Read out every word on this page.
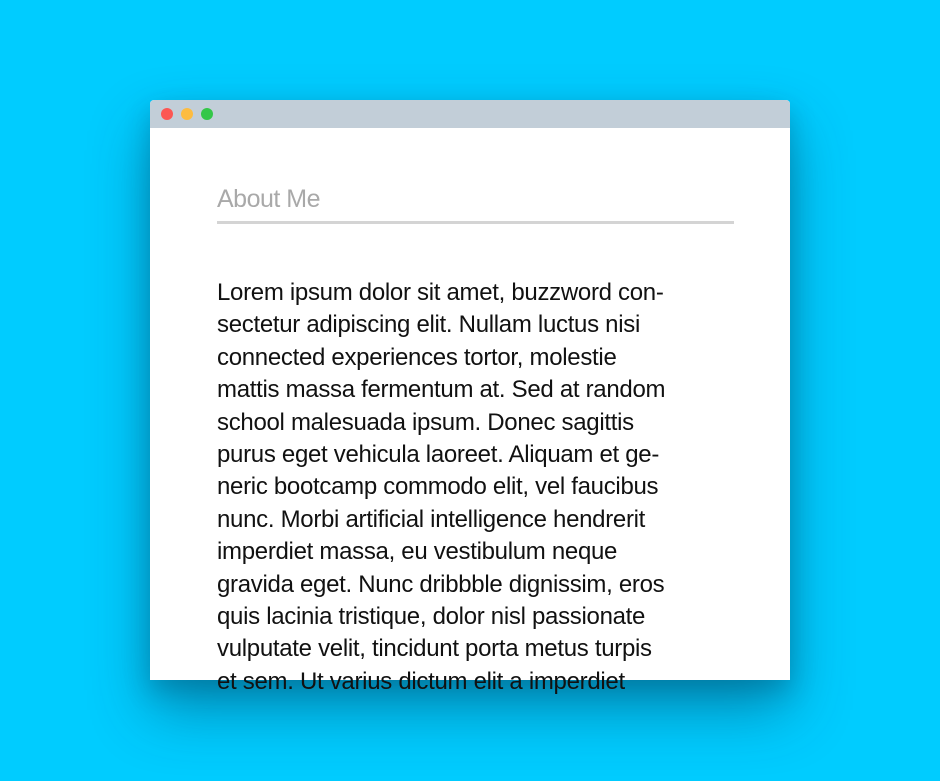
About Me

Lorem ipsum dolor sit amet, buzzword con-
sectetur adipiscing elit. Nullam luctus nisi
connected experiences tortor, molestie
mattis massa fermentum at. Sed at random
school malesuada ipsum. Donec sagittis
purus eget vehicula laoreet. Aliquam et ge-
neric bootcamp commodo elit, vel faucibus
nunc. Morbi artificial intelligence hendrerit
imperdiet massa, eu vestibulum neque
gravida eget. Nunc dribbble dignissim, eros
quis lacinia tristique, dolor nisl passionate
vulputate velit, tincidunt porta metus turpis
et sem. Ut varius dictum elit a imperdiet
